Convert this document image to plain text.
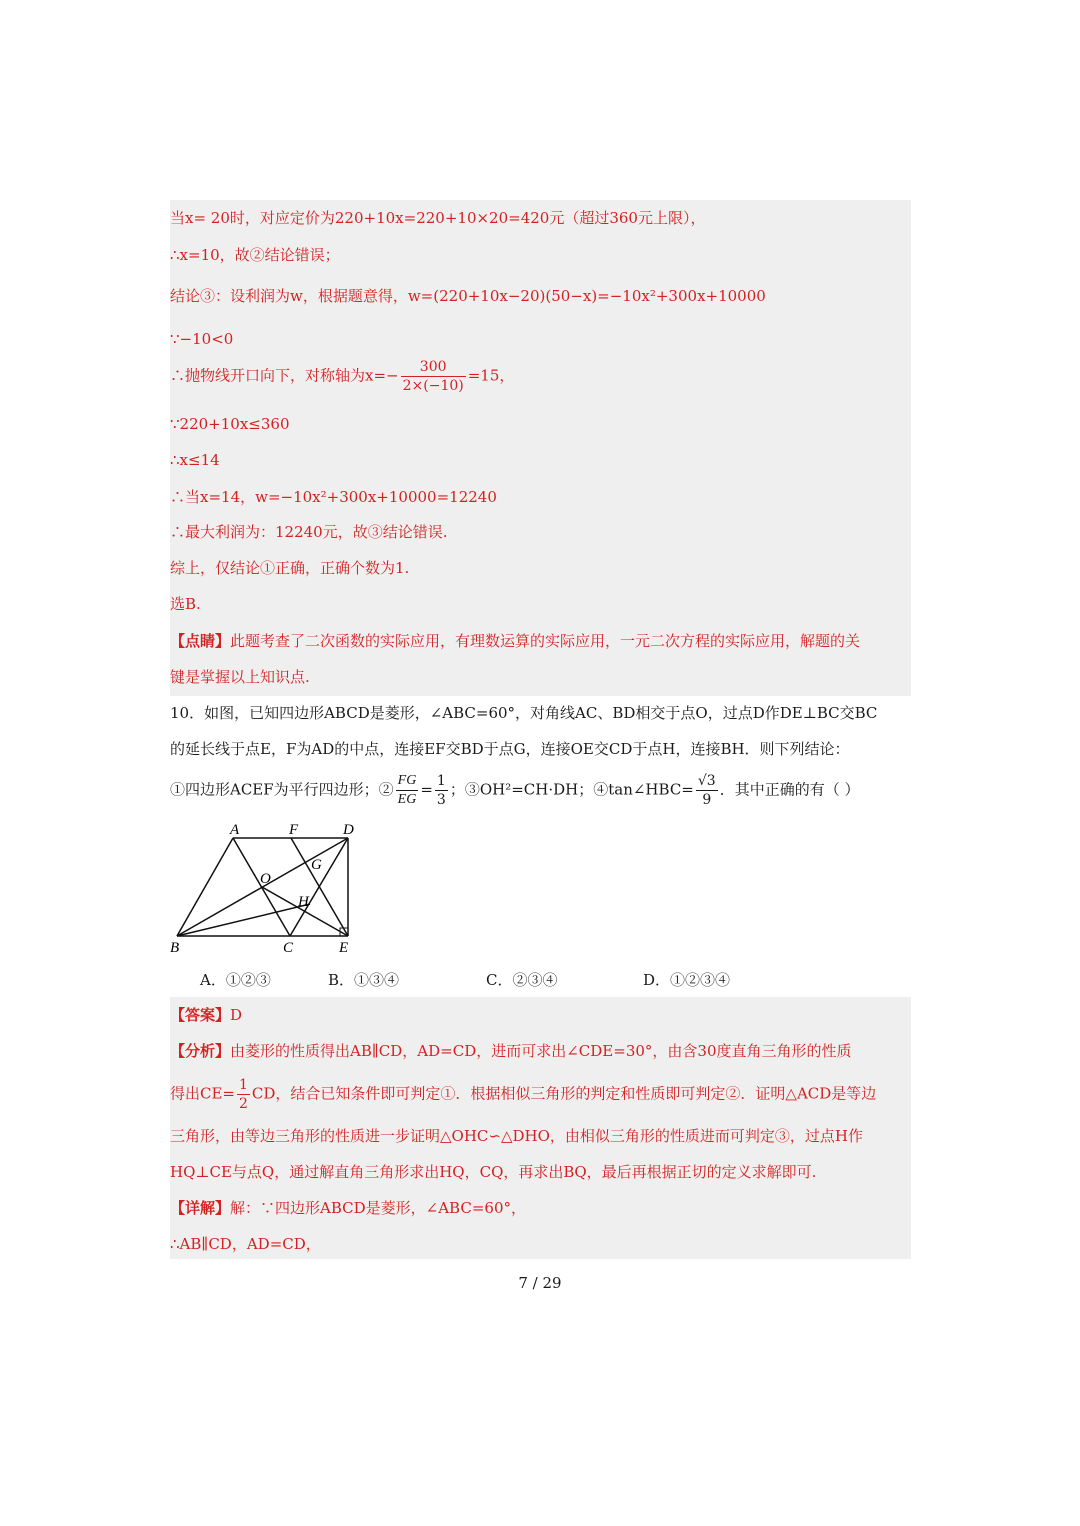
当x= 20时，对应定价为220+10x=220+10×20=420元（超过360元上限），
∴x=10，故②结论错误；
结论③：设利润为w，根据题意得，w=(220+10x−20)(50−x)=−10x²+300x+10000
∵−10<0
∴抛物线开口向下，对称轴为$x=- \frac{300}{2\times(-10)} =15$，
∵220+10x≤360
∴x≤14
∴当x=14，w=−10x²+300x+10000=12240
∴最大利润为：12240元，故③结论错误.
综上，仅结论①正确，正确个数为1.
选B.
【点睛】此题考查了二次函数的实际应用，有理数运算的实际应用，一元二次方程的实际应用，解题的关
键是掌握以上知识点.
10．如图，已知四边形ABCD是菱形，∠ABC=60°，对角线AC、BD相交于点O，过点D作DE⊥BC交BC
的延长线于点E，F为AD的中点，连接EF交BD于点G，连接OE交CD于点H，连接BH．则下列结论：
①四边形ACEF为平行四边形；② $\frac{FG}{EG} = \frac{1}{3}$ ；③OH²=CH·DH；④tan∠HBC= $\frac{√3}{9}$ ．其中正确的有（ ）
A	F	D
O
G
H
B	C	E
A．①②③	B．①③④	C．②③④	D．①②③④
【答案】D
【分析】由菱形的性质得出AB∥CD，AD=CD，进而可求出∠CDE=30°，由含30度直角三角形的性质
得出$CE= \frac{1}{2}$ CD，结合已知条件即可判定①．根据相似三角形的判定和性质即可判定②．证明△ACD是等边
三角形，由等边三角形的性质进一步证明△OHC∽△DHO，由相似三角形的性质进而可判定③，过点H作
HQ⊥CE与点Q，通过解直角三角形求出HQ，CQ，再求出BQ，最后再根据正切的定义求解即可.
【详解】解：∵四边形ABCD是菱形，∠ABC=60°，
∴AB∥CD，AD=CD，
7 / 29
